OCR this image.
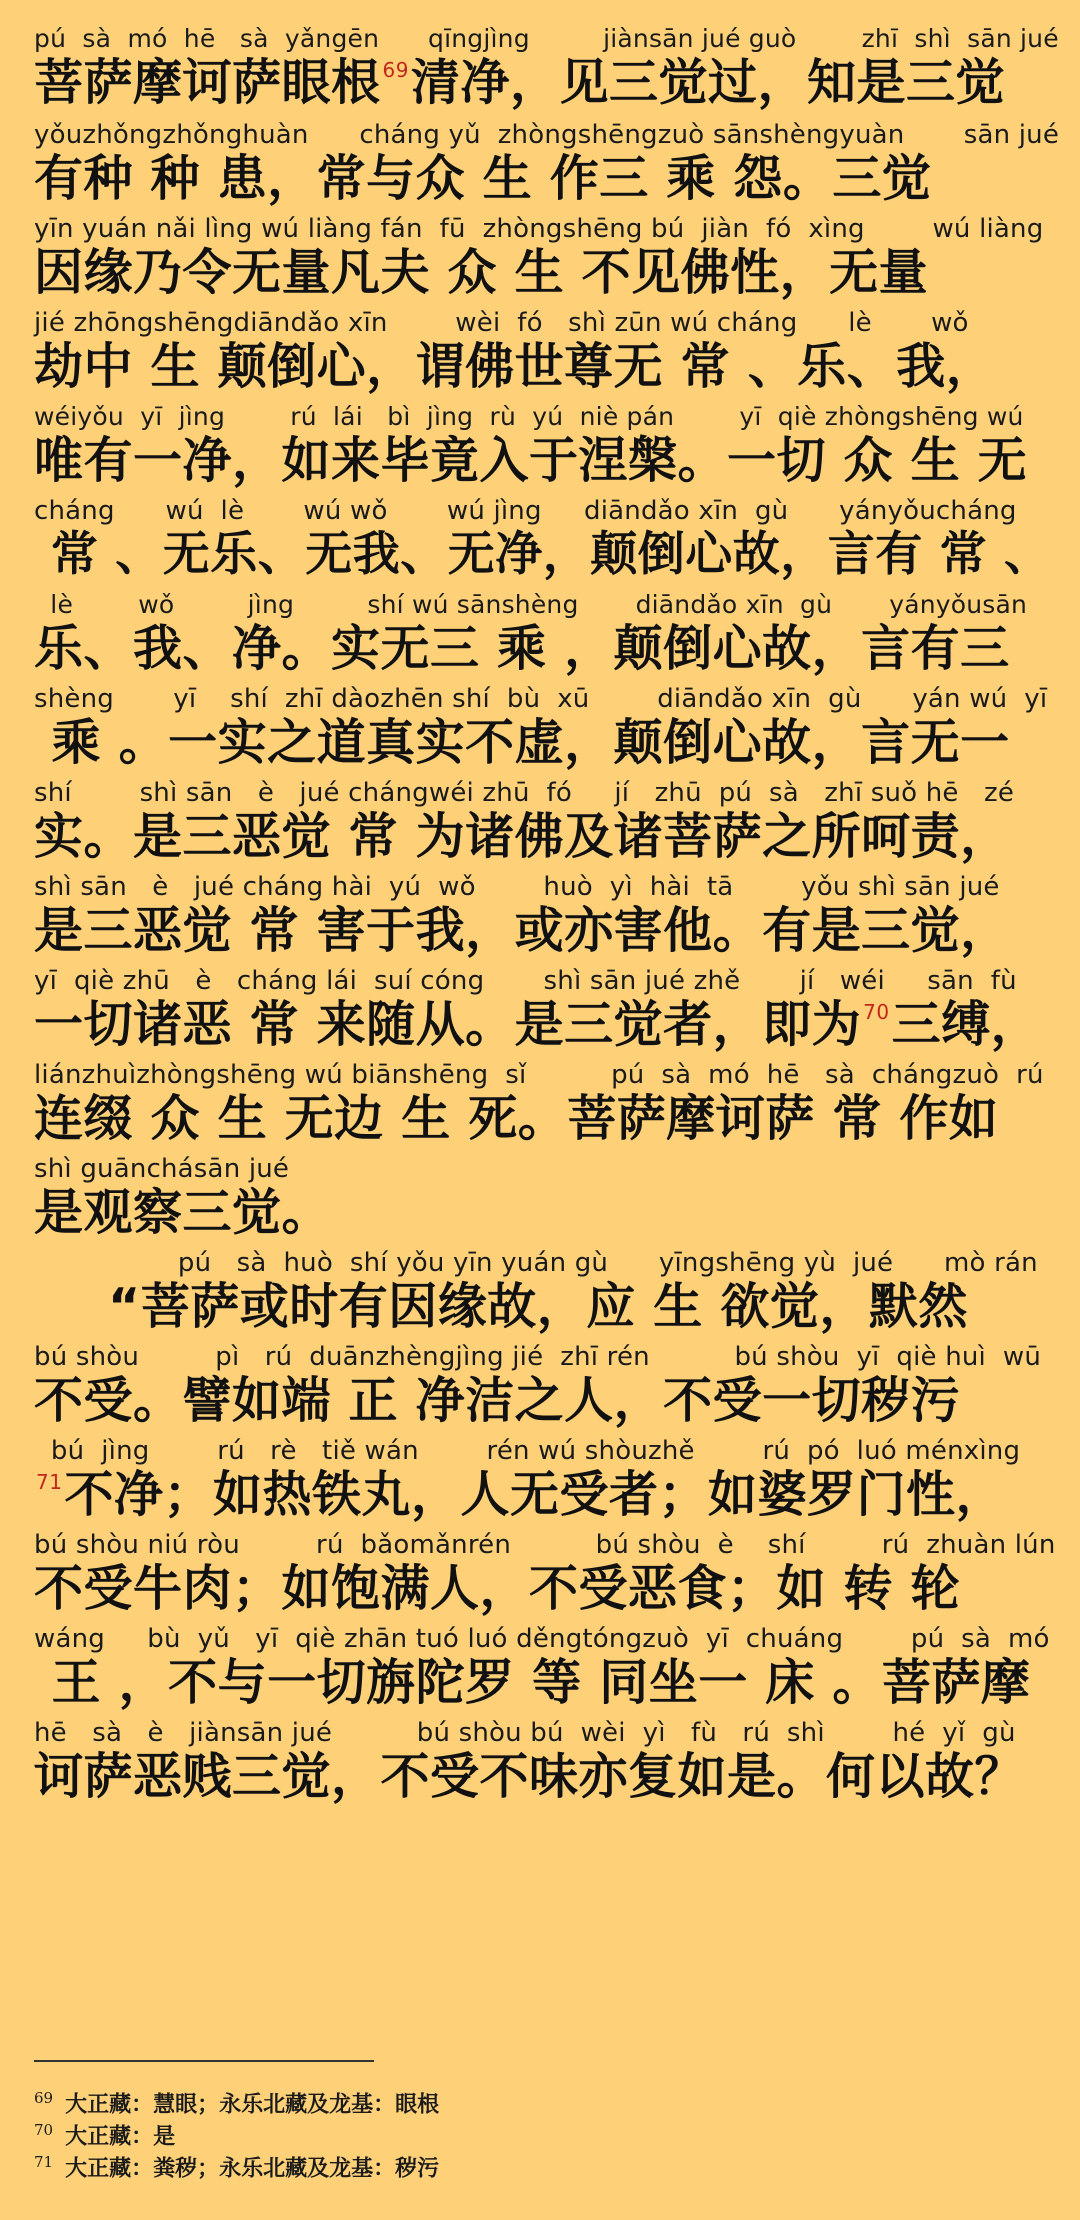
pú  sà  mó  hē   sà  yǎngēn      qīngjìng         jiànsān jué guò        zhī  shì  sān jué
菩萨摩诃萨眼根 $^{69}$清净，见三觉过，知是三觉
yǒuzhǒngzhǒnghuàn      cháng yǔ  zhòngshēngzuò sānshèngyuàn       sān jué
有种 种 患，常与众 生 作三 乘 怨。三觉
yīn yuán nǎi lìng wú liàng fán  fū  zhòngshēng bú  jiàn  fó  xìng        wú liàng
因缘乃令无量凡夫 众 生 不见佛性，无量
jié zhōngshēngdiāndǎo xīn        wèi  fó   shì zūn wú cháng      lè       wǒ
劫中 生 颠倒心，谓佛世尊无 常 、乐、我，
wéiyǒu  yī  jìng        rú  lái   bì  jìng  rù  yú  niè pán        yī  qiè zhòngshēng wú
唯有一净，如来毕竟入于涅槃。一切 众 生 无
cháng      wú  lè       wú wǒ       wú jìng     diāndǎo xīn  gù      yányǒucháng
常 、无乐、无我、无净，颠倒心故，言有 常 、
lè        wǒ         jìng         shí wú sānshèng       diāndǎo xīn  gù       yányǒusān
乐、我、净。实无三 乘 ，颠倒心故，言有三
shèng       yī    shí  zhī dàozhēn shí  bù  xū        diāndǎo xīn  gù      yán wú  yī
乘 。一实之道真实不虚，颠倒心故，言无一
shí        shì sān   è   jué chángwéi zhū  fó     jí   zhū  pú  sà   zhī suǒ hē   zé
实。是三恶觉 常 为诸佛及诸菩萨之所呵责，
shì sān   è   jué cháng hài  yú  wǒ        huò  yì  hài  tā        yǒu shì sān jué
是三恶觉 常 害于我，或亦害他。有是三觉，
yī  qiè zhū   è   cháng lái  suí cóng       shì sān jué zhě       jí   wéi     sān  fù
一切诸恶 常 来随从。是三觉者，即为 $^{70}$三缚，
liánzhuìzhòngshēng wú biānshēng  sǐ          pú  sà  mó  hē   sà  chángzuò  rú
连缀 众 生 无边 生 死。菩萨摩诃萨 常 作如
shì guānchásān jué
是观察三觉。
pú   sà  huò  shí yǒu yīn yuán gù      yīngshēng yù  jué      mò rán
“菩萨或时有因缘故，应 生 欲觉，默然
bú shòu         pì   rú  duānzhèngjìng jié  zhī rén          bú shòu  yī  qiè huì  wū
不受。譬如端 正 净洁之人，不受一切秽污
bú  jìng        rú   rè   tiě wán        rén wú shòuzhě        rú  pó  luó ménxìng
$^{71}$不净；如热铁丸，人无受者；如婆罗门性，
bú shòu niú ròu         rú  bǎomǎnrén          bú shòu  è    shí         rú  zhuàn lún
不受牛肉；如饱满人，不受恶食；如 转 轮
wáng     bù  yǔ   yī  qiè zhān tuó luó děngtóngzuò  yī  chuáng        pú  sà  mó
王 ，不与一切旃陀罗 等 同坐一 床 。菩萨摩
hē   sà   è   jiànsān jué          bú shòu bú  wèi  yì   fù   rú  shì        hé  yǐ  gù
诃萨恶贱三觉，不受不味亦复如是。何以故？
$^{69}$ 大正藏：慧眼；永乐北藏及龙基：眼根
$^{70}$ 大正藏：是
$^{71}$ 大正藏：粪秽；永乐北藏及龙基：秽污
